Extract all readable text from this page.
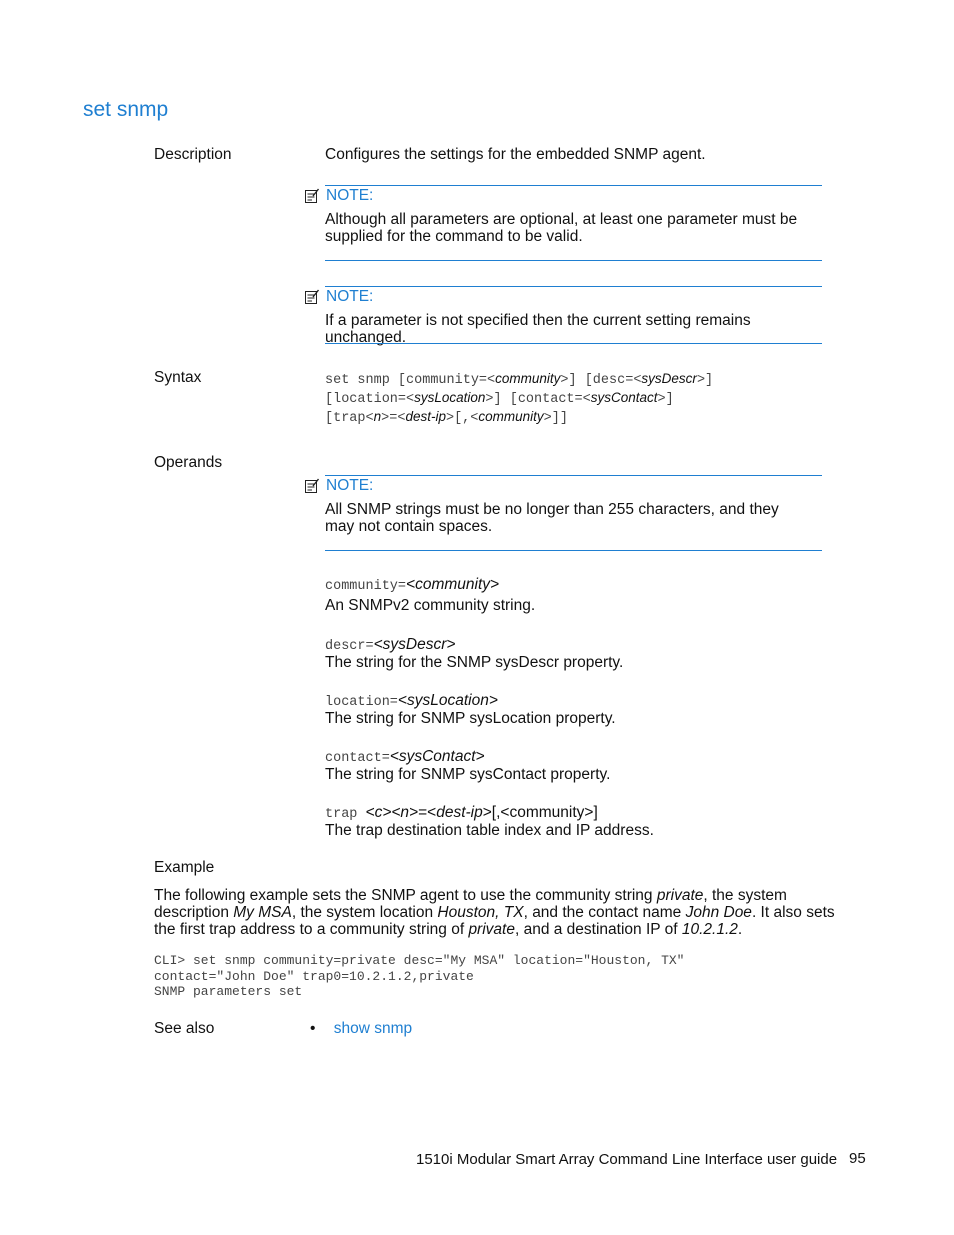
set snmp
Description	Configures the settings for the embedded SNMP agent.
NOTE:
Although all parameters are optional, at least one parameter must be supplied for the command to be valid.
NOTE:
If a parameter is not specified then the current setting remains unchanged.
Syntax	set snmp [community=<community>] [desc=<sysDescr>]
[location=<sysLocation>] [contact=<sysContact>]
[trap<n>=<dest-ip>[,<community>]]
Operands
NOTE:
All SNMP strings must be no longer than 255 characters, and they may not contain spaces.
community=<community>
An SNMPv2 community string.
descr=<sysDescr>
The string for the SNMP sysDescr property.
location=<sysLocation>
The string for SNMP sysLocation property.
contact=<sysContact>
The string for SNMP sysContact property.
trap <c><n>=<dest-ip>[,<community>]
The trap destination table index and IP address.
Example
The following example sets the SNMP agent to use the community string private, the system description My MSA, the system location Houston, TX, and the contact name John Doe. It also sets the first trap address to a community string of private, and a destination IP of 10.2.1.2.
CLI> set snmp community=private desc="My MSA" location="Houston, TX"
contact="John Doe" trap0=10.2.1.2,private
SNMP parameters set
See also	• show snmp
1510i Modular Smart Array Command Line Interface user guide 95
